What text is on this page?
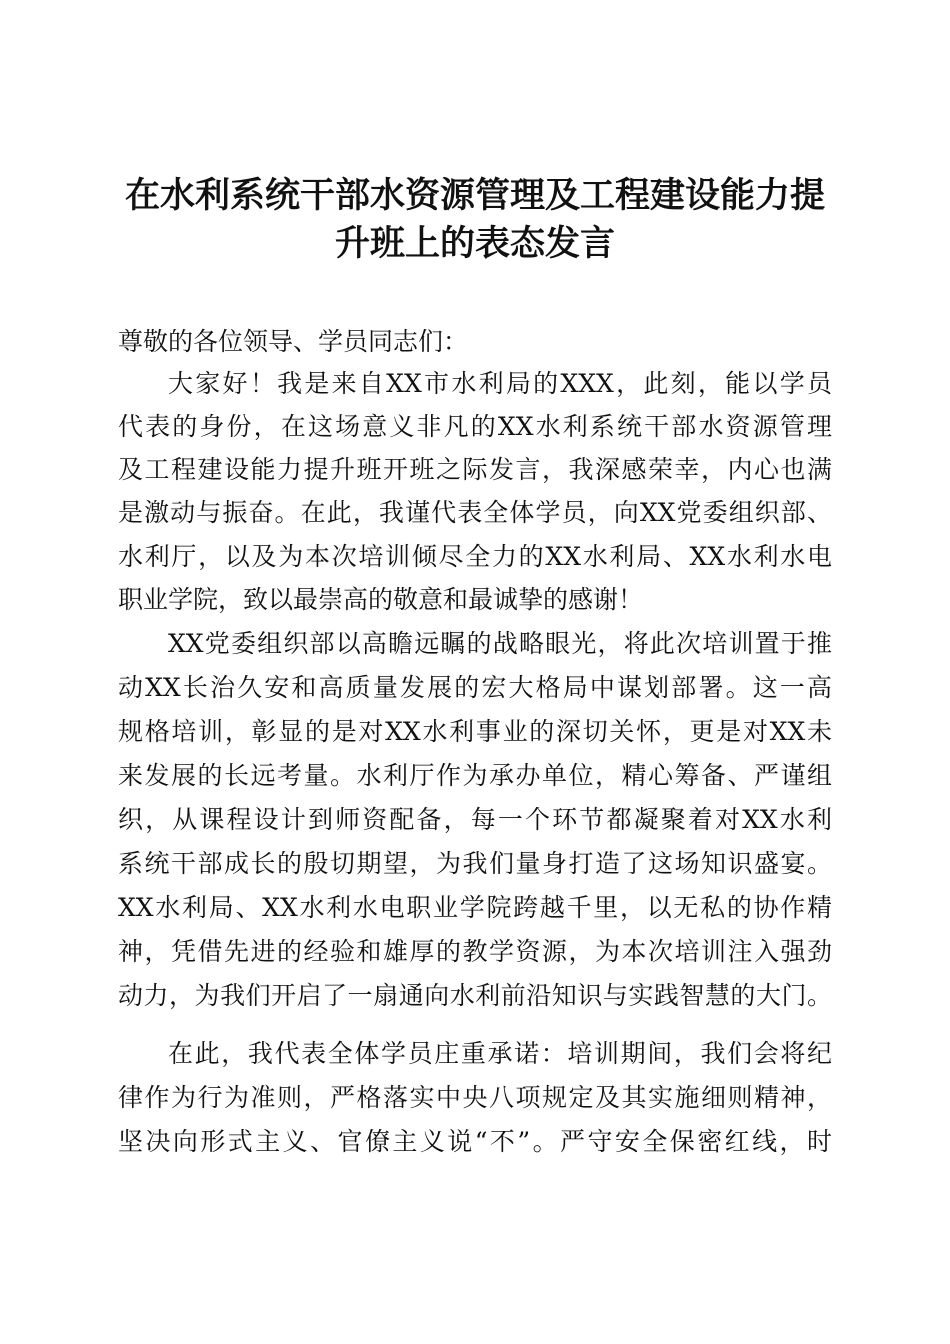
在水利系统干部水资源管理及工程建设能力提
升班上的表态发言

尊敬的各位领导、学员同志们：

大家好！我是来自XX市水利局的XXX，此刻，能以学员

代表的身份，在这场意义非凡的XX水利系统干部水资源管理

及工程建设能力提升班开班之际发言，我深感荣幸，内心也满

是激动与振奋。在此，我谨代表全体学员，向XX党委组织部、

水利厅，以及为本次培训倾尽全力的XX水利局、XX水利水电

职业学院，致以最崇高的敬意和最诚挚的感谢！

XX党委组织部以高瞻远瞩的战略眼光，将此次培训置于推

动XX长治久安和高质量发展的宏大格局中谋划部署。这一高

规格培训，彰显的是对XX水利事业的深切关怀，更是对XX未

来发展的长远考量。水利厅作为承办单位，精心筹备、严谨组

织，从课程设计到师资配备，每一个环节都凝聚着对XX水利

系统干部成长的殷切期望，为我们量身打造了这场知识盛宴。

XX水利局、XX水利水电职业学院跨越千里，以无私的协作精

神，凭借先进的经验和雄厚的教学资源，为本次培训注入强劲

动力，为我们开启了一扇通向水利前沿知识与实践智慧的大门。

在此，我代表全体学员庄重承诺：培训期间，我们会将纪

律作为行为准则，严格落实中央八项规定及其实施细则精神，

坚决向形式主义、官僚主义说“不”。严守安全保密红线，时
